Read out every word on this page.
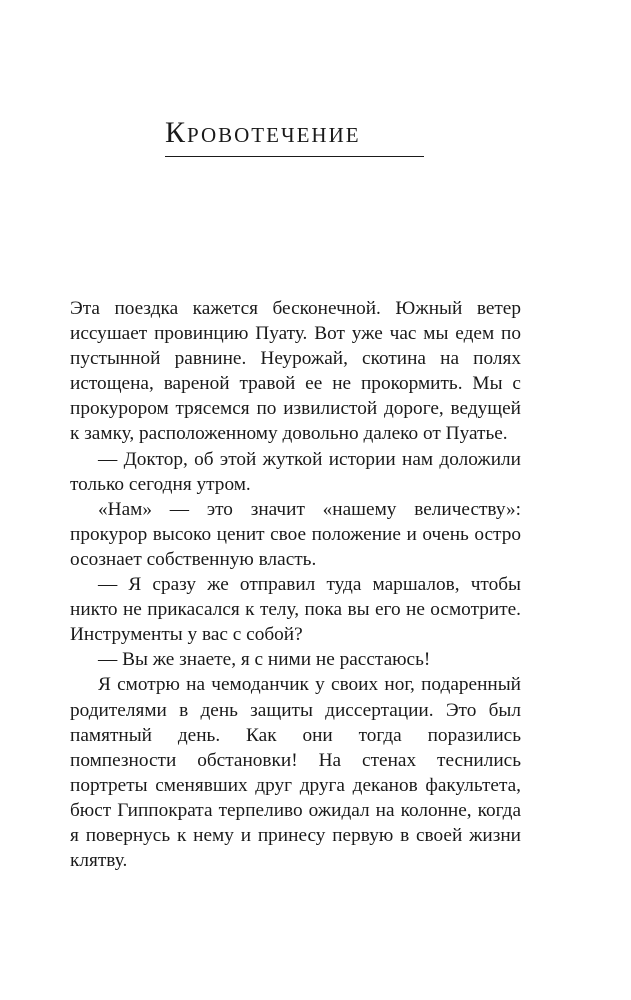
Кровотечение

Эта поездка кажется бесконечной. Южный ветер иссушает провинцию Пуату. Вот уже час мы едем по пустынной равнине. Неурожай, скотина на полях истощена, вареной травой ее не прокормить. Мы с прокурором трясемся по извилистой дороге, ведущей к замку, расположенному довольно далеко от Пуатье.

— Доктор, об этой жуткой истории нам доложили только сегодня утром.

«Нам» — это значит «нашему величеству»: прокурор высоко ценит свое положение и очень остро осознает собственную власть.

— Я сразу же отправил туда маршалов, чтобы никто не прикасался к телу, пока вы его не осмотрите. Инструменты у вас с собой?

— Вы же знаете, я с ними не расстаюсь!

Я смотрю на чемоданчик у своих ног, подаренный родителями в день защиты диссертации. Это был памятный день. Как они тогда поразились помпезности обстановки! На стенах теснились портреты сменявших друг друга деканов факультета, бюст Гиппократа терпеливо ожидал на колонне, когда я повернусь к нему и принесу первую в своей жизни клятву.
